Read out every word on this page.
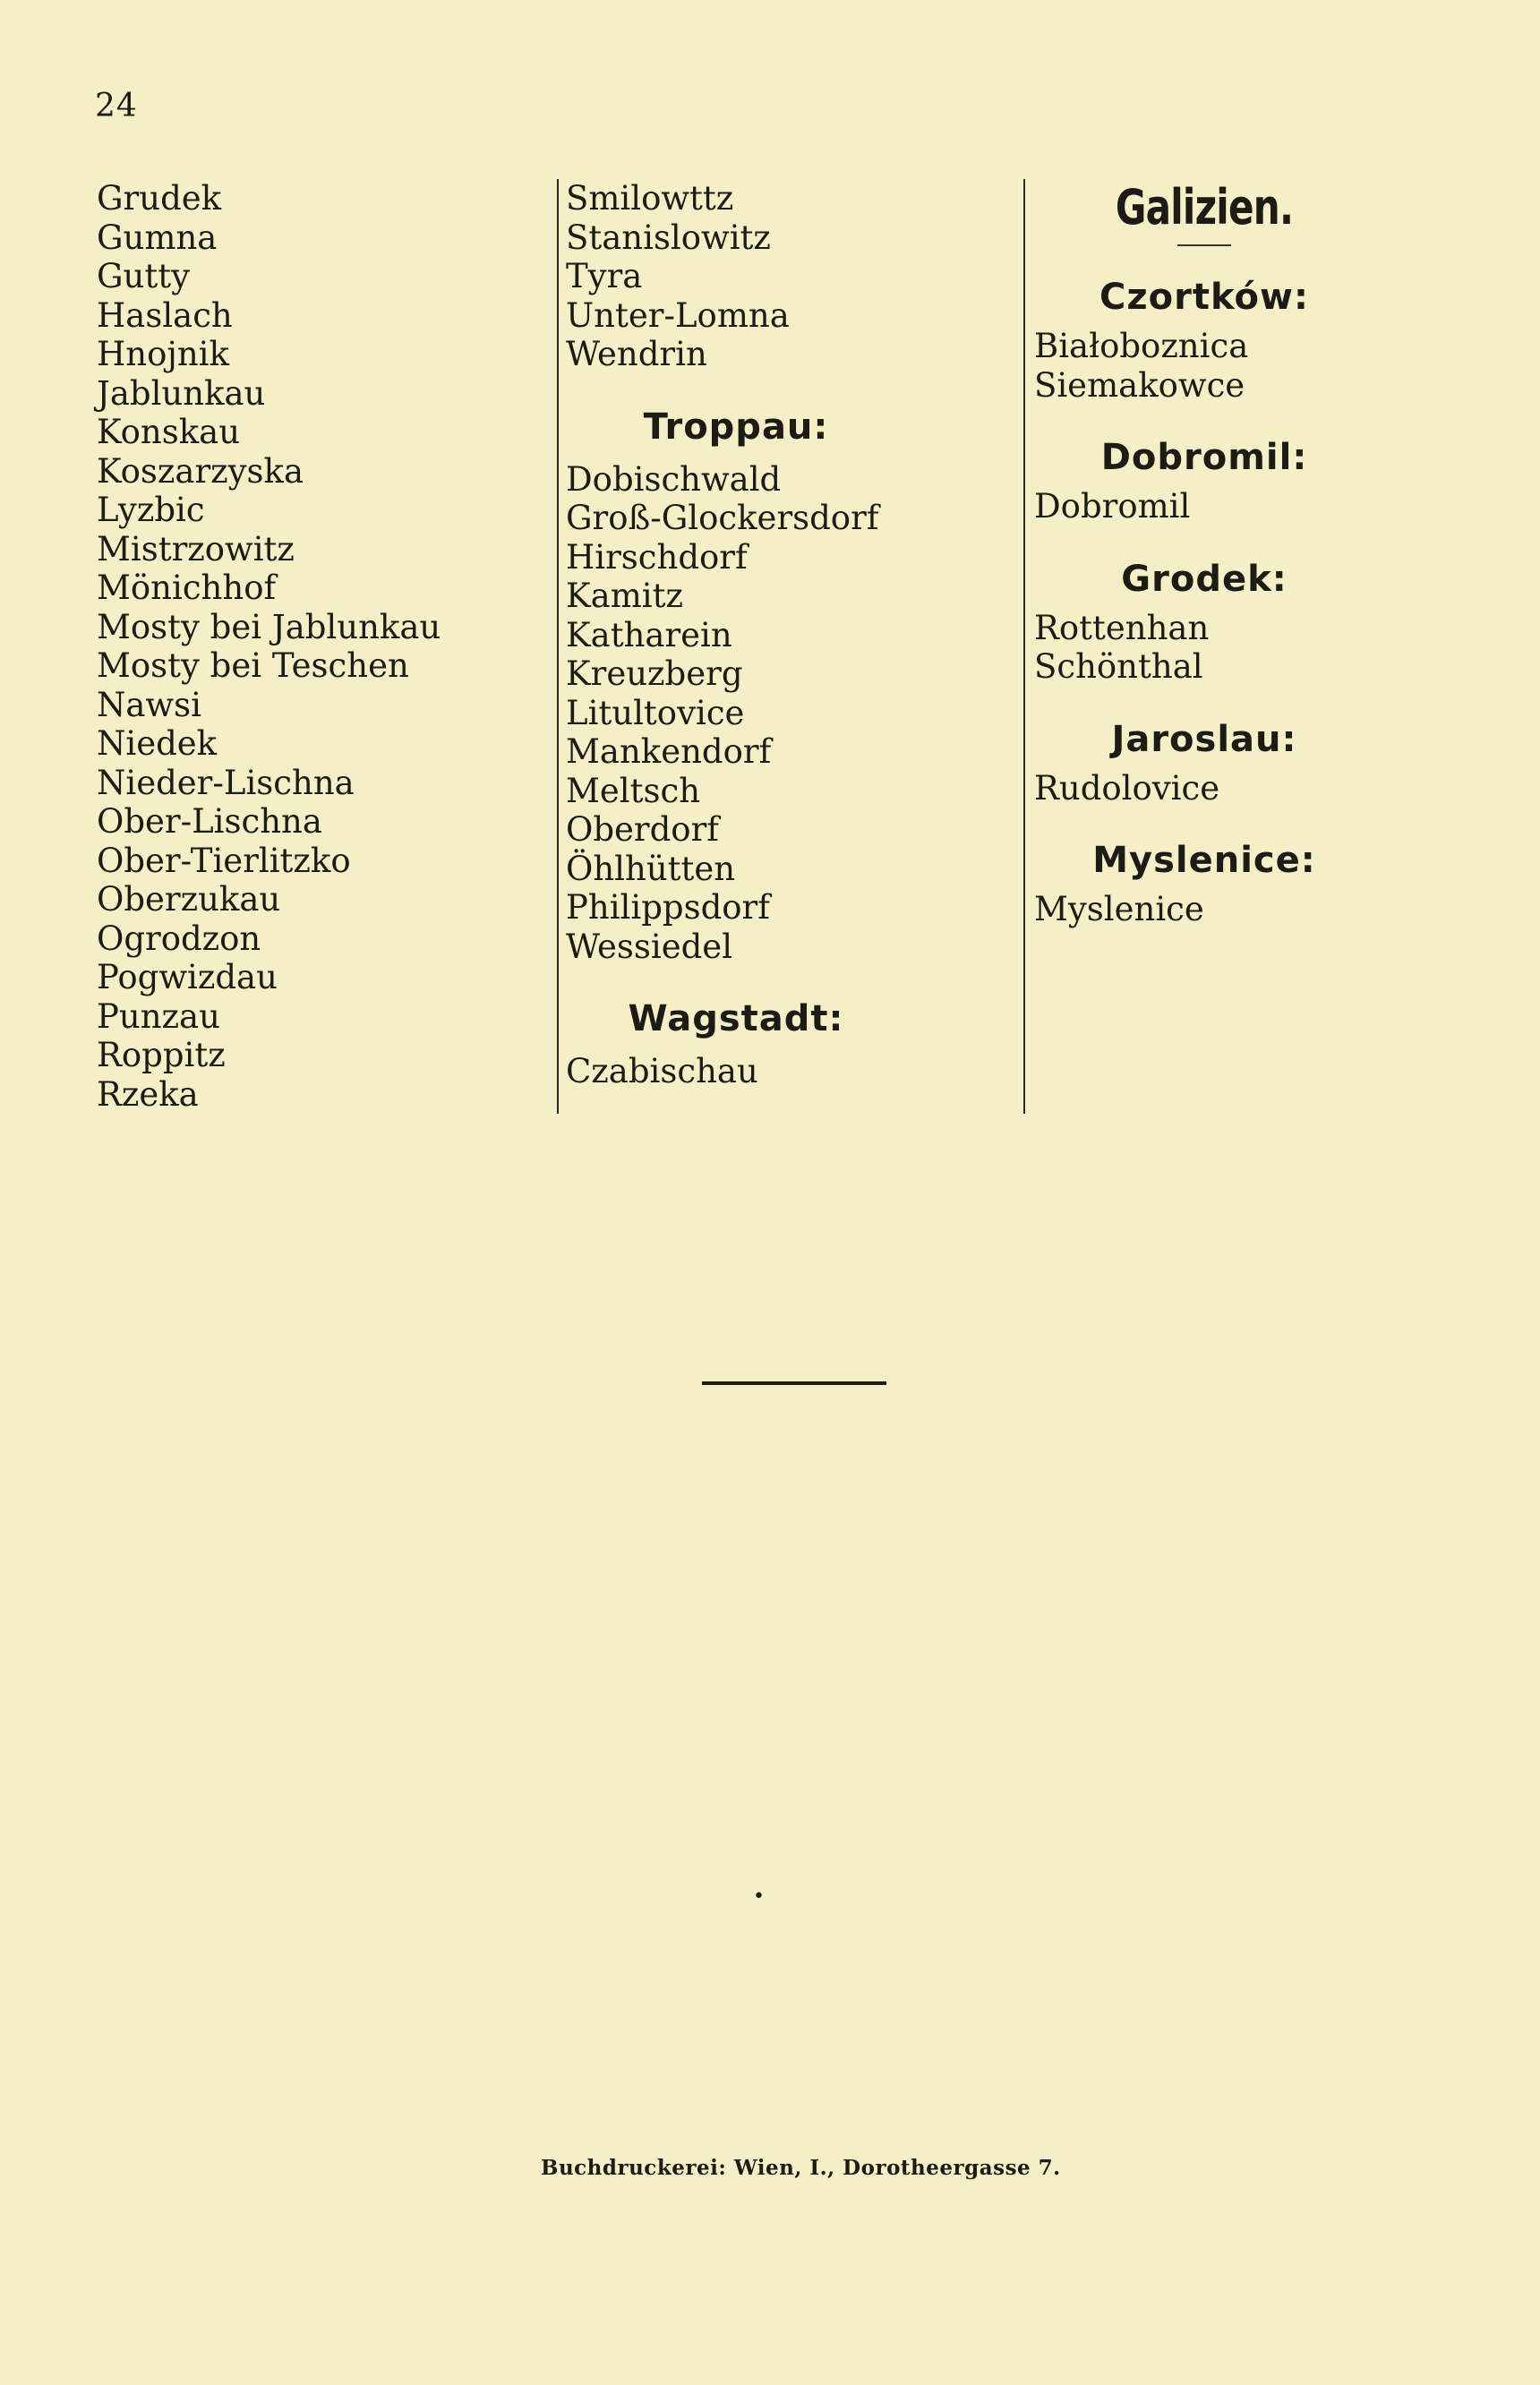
24
Grudek
Gumna
Gutty
Haslach
Hnojnik
Jablunkau
Konskau
Koszarzyska
Lyzbic
Mistrzowitz
Mönichhof
Mosty bei Jablunkau
Mosty bei Teschen
Nawsi
Niedek
Nieder-Lischna
Ober-Lischna
Ober-Tierlitzko
Oberzukau
Ogrodzon
Pogwizdau
Punzau
Roppitz
Rzeka
Smilowttz
Stanislowitz
Tyra
Unter-Lomna
Wendrin
Troppau:
Dobischwald
Groß-Glockersdorf
Hirschdorf
Kamitz
Katharein
Kreuzberg
Litultovice
Mankendorf
Meltsch
Oberdorf
Öhlhütten
Philippsdorf
Wessiedel
Wagstadt:
Czabischau
Galizien.
Czortków:
Białoboznica
Siemakowce
Dobromil:
Dobromil
Grodek:
Rottenhan
Schönthal
Jaroslau:
Rudolovice
Myslenice:
Myslenice
•
Buchdruckerei: Wien, I., Dorotheergasse 7.
